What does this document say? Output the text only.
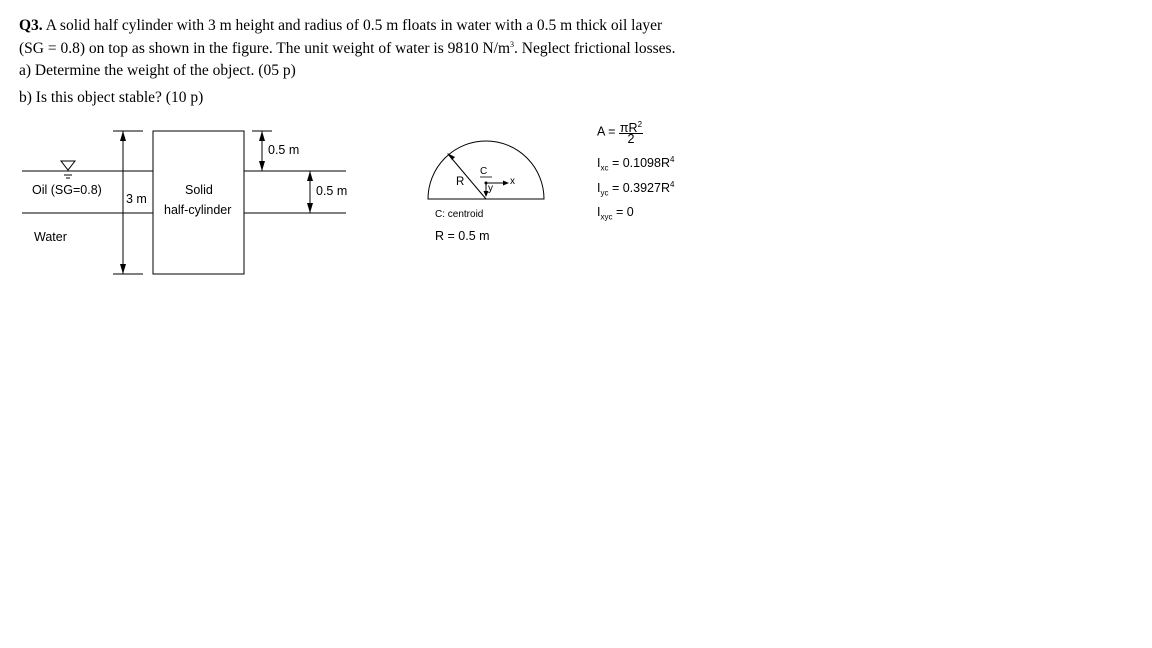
Q3. A solid half cylinder with 3 m height and radius of 0.5 m floats in water with a 0.5 m thick oil layer
(SG = 0.8) on top as shown in the figure. The unit weight of water is 9810 $N/m^3$. Neglect frictional losses.
a) Determine the weight of the object. (05 p)
b) Is this object stable? (10 p)
Oil (SG=0.8)
Water
3 m
Solid
half-cylinder
0.5 m
0.5 m
R
C
x
y
C: centroid
R = 0.5 m
$A = \frac{\pi R^2}{2}$
$I_{xc} = 0.1098R^4$
$I_{yc} = 0.3927R^4$
$I_{xyc} = 0$
